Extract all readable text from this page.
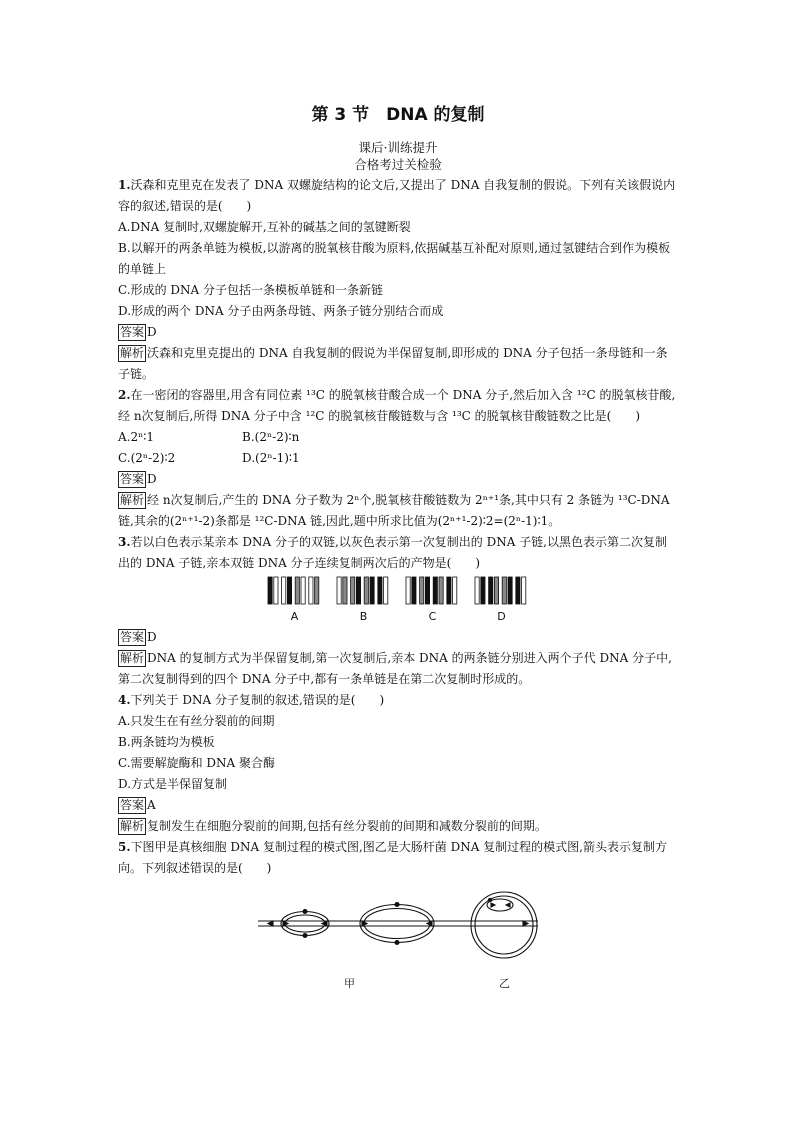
第 3 节　DNA 的复制
课后·训练提升
合格考过关检验

1.沃森和克里克在发表了 DNA 双螺旋结构的论文后,又提出了 DNA 自我复制的假说。下列有关该假说内容的叙述,错误的是(　　)

A.DNA 复制时,双螺旋解开,互补的碱基之间的氢键断裂

B.以解开的两条单链为模板,以游离的脱氧核苷酸为原料,依据碱基互补配对原则,通过氢键结合到作为模板的单链上

C.形成的 DNA 分子包括一条模板单链和一条新链

D.形成的两个 DNA 分子由两条母链、两条子链分别结合而成

答案 D

解析 沃森和克里克提出的 DNA 自我复制的假说为半保留复制,即形成的 DNA 分子包括一条母链和一条子链。

2.在一密闭的容器里,用含有同位素 ¹³C 的脱氧核苷酸合成一个 DNA 分子,然后加入含 ¹²C 的脱氧核苷酸,经 n次复制后,所得 DNA 分子中含 ¹²C 的脱氧核苷酸链数与含 ¹³C 的脱氧核苷酸链数之比是(　　)

A.2ⁿ∶1	B.(2ⁿ-2)∶n
C.(2ⁿ-2)∶2	D.(2ⁿ-1)∶1

答案 D

解析 经 n次复制后,产生的 DNA 分子数为 2ⁿ个,脱氧核苷酸链数为 2ⁿ⁺¹条,其中只有 2 条链为 ¹³C-DNA 链,其余的(2ⁿ⁺¹-2)条都是 ¹²C-DNA 链,因此,题中所求比值为(2ⁿ⁺¹-2)∶2=(2ⁿ-1)∶1。

3.若以白色表示某亲本 DNA 分子的双链,以灰色表示第一次复制出的 DNA 子链,以黑色表示第二次复制出的 DNA 子链,亲本双链 DNA 分子连续复制两次后的产物是(　　)

A	B	C	D

答案 D

解析 DNA 的复制方式为半保留复制,第一次复制后,亲本 DNA 的两条链分别进入两个子代 DNA 分子中,第二次复制得到的四个 DNA 分子中,都有一条单链是在第二次复制时形成的。

4.下列关于 DNA 分子复制的叙述,错误的是(　　)

A.只发生在有丝分裂前的间期

B.两条链均为模板

C.需要解旋酶和 DNA 聚合酶

D.方式是半保留复制

答案 A

解析 复制发生在细胞分裂前的间期,包括有丝分裂前的间期和减数分裂前的间期。

5.下图甲是真核细胞 DNA 复制过程的模式图,图乙是大肠杆菌 DNA 复制过程的模式图,箭头表示复制方向。下列叙述错误的是(　　)

甲	乙
